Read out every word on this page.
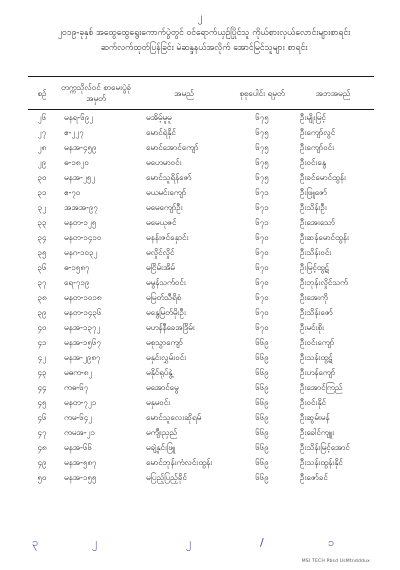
၂
၂၀၁၉-ခုနှစ် အထွေထွေရွေးကောက်ပွဲတွင် ဝင်ရောက်ယှဉ်ပြိုင်သူ ကိုယ်စားလှယ်လောင်းများစာရင်း
ဆက်လက်ထုတ်ပြန်ခြင်း မဲဆန္ဒနယ်အလိုက် အောင်မြင်သူများ စာရင်း
စဉ်	တက္ကသိုလ်ဝင် စာမေးပွဲခုံအမှတ်	အမည်	စုစုပေါင်း ရမှတ်	အဘအမည်
၂၆	မနရ-၆၉၂	မအိမ့်မူမူ	၆၇၅	ဦးမျိုးမြင့်
၂၇	ဧ-၂၂၇	မောင်ရဲနိုင်	၆၇၅	ဦးကျော်လွင်
၂၈	မနအ-၄၅၉	မောင်အောင်ကျော်	၆၇၅	ဦးကျော်ဝင်း
၂၉	ဓ-၁၈၂၀	မဟေမာဝင်း	၆၇၅	ဦးဝင်းနွေ
၃၀	မနအ-၂၅၂	မောင်သူရိန်ဇော်	၆၇၅	ဦးခင်မောင်ထွန်း
၃၁	ဧ-၇၀	မယမင်းကျော်	၆၇၁	ဦးဖြူဇော်
၃၂	အအအ-၉၇	မမေကျော်ဦး	၆၇၁	ဦးသိန်းဦး
၃၃	မနတ-၁၂၅	မမေယုဇင်	၆၇၁	ဦးအေးသော်
၃၄	မနတ-၁၄၁၀	မနန်းဇင်နှောင်း	၆၇၀	ဦးဆန်မောင်ထွန်း
၃၅	မနဂ-၁၀၃၂	မလှိုင်လှိုင်	၆၇၀	ဦးသိန်းဝင်း
၃၆	ဓ-၁၅၈၇	မငြိမ်းအိမ်	၆၇၀	ဦးမြင့်ထွဋ်
၃၇	ရေ-၇၁၉	မမွန်သက်ဝင်း	၆၇၀	ဦးဘုန်းလှိုင်သက်
၃၈	မနတ-၁၀၁၈	မမြတ်သီရိစံ	၆၇၀	ဦးအေးကို
၃၉	မနတ-၁၄၃၆	မနွေမြတ်မိုးဦး	၆၇၀	ဦးသိန်းဇော်
၄၀	မနအ-၁၃၇၂	မဟန်နီခေအဒြိမ်း	၆၇၀	ဦးမင်းစိုး
၄၁	မနအ-၁၅၆၇	မစုသွာကျော်	၆၆၉	ဦးဝင်းကျော်
၄၂	မနအ-၂၉၈၇	မနှင်းလွှမ်းဝင်း	၆၆၉	ဦးသန်းထွဋ်
၄၃	မဓက-၈၂	မနိုင်ရုပ်နွဲ့	၆၆၉	ဦးဟန်ကျော်
၄၄	ကဓ-၆၇	မအောင်မွေ	၆၆၉	ဦးအောင်ကြည်
၄၅	မနတ-၇၂၁	မနှမဝင်း	၆၆၉	ဦးဝင်းနိုင်
၄၆	ကမ-၆၄၂	မောင်သူလေးဆိုရမ်	၆၆၉	ဦးဆွမ်းမန်
၄၇	ကမအ-၂၁	မကျီးညှည်	၆၆၉	ဦးခေါင်ကျူး
၄၈	မနအ-၆၆	မချဲ့နှင်းဖြူ	၆၆၉	ဦးသိန်းမြင့်အောင်
၄၉	မနအ-၅၈၇	မောင်ဘုန်းကံလင်းထွန်း	၆၆၉	ဦးသန်းထွန်းနိုင်
၅၀	မနအ-၁၅၅	မပြည့်ပြည့်ခိုင်	၆၆၉	ဦးဇော်ခင်
၃	၂	၂	/	၁
MSI TECH Pbsd UsMtndddux
